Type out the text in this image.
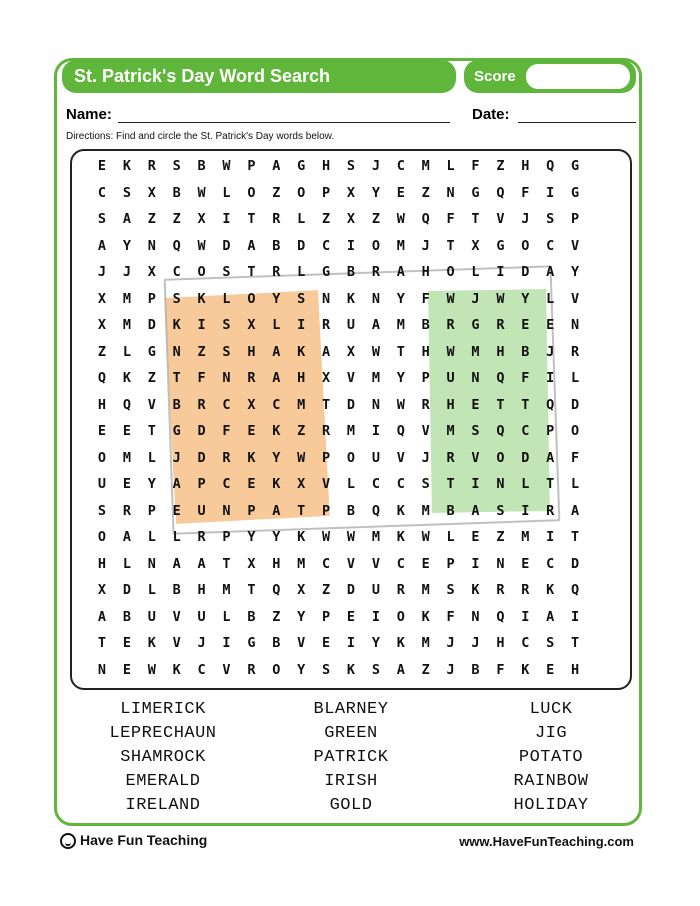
St. Patrick's Day Word Search	Score
Name:	Date:
Directions: Find and circle the St. Patrick's Day words below.
E	K	R	S	B	W	P	A	G	H	S	J	C	M	L	F	Z	H	Q	G
C	S	X	B	W	L	O	Z	O	P	X	Y	E	Z	N	G	Q	F	I	G
S	A	Z	Z	X	I	T	R	L	Z	X	Z	W	Q	F	T	V	J	S	P
A	Y	N	Q	W	D	A	B	D	C	I	O	M	J	T	X	G	O	C	V
J	J	X	C	O	S	T	R	L	G	B	R	A	H	O	L	I	D	A	Y
X	M	P	S	K	L	O	Y	S	N	K	N	Y	F	W	J	W	Y	L	V
X	M	D	K	I	S	X	L	I	R	U	A	M	B	R	G	R	E	E	N
Z	L	G	N	Z	S	H	A	K	A	X	W	T	H	W	M	H	B	J	R
Q	K	Z	T	F	N	R	A	H	X	V	M	Y	P	U	N	Q	F	I	L
H	Q	V	B	R	C	X	C	M	T	D	N	W	R	H	E	T	T	Q	D
E	E	T	G	D	F	E	K	Z	R	M	I	Q	V	M	S	Q	C	P	O
O	M	L	J	D	R	K	Y	W	P	O	U	V	J	R	V	O	D	A	F
U	E	Y	A	P	C	E	K	X	V	L	C	C	S	T	I	N	L	T	L
S	R	P	E	U	N	P	A	T	P	B	Q	K	M	B	A	S	I	R	A
O	A	L	L	R	P	Y	Y	K	W	W	M	K	W	L	E	Z	M	I	T
H	L	N	A	A	T	X	H	M	C	V	V	C	E	P	I	N	E	C	D
X	D	L	B	H	M	T	Q	X	Z	D	U	R	M	S	K	R	R	K	Q
A	B	U	V	U	L	B	Z	Y	P	E	I	O	K	F	N	Q	I	A	I
T	E	K	V	J	I	G	B	V	E	I	Y	K	M	J	J	H	C	S	T
N	E	W	K	C	V	R	O	Y	S	K	S	A	Z	J	B	F	K	E	H
LIMERICK	BLARNEY	LUCK
LEPRECHAUN	GREEN	JIG
SHAMROCK	PATRICK	POTATO
EMERALD	IRISH	RAINBOW
IRELAND	GOLD	HOLIDAY
Have Fun Teaching	www.HaveFunTeaching.com
